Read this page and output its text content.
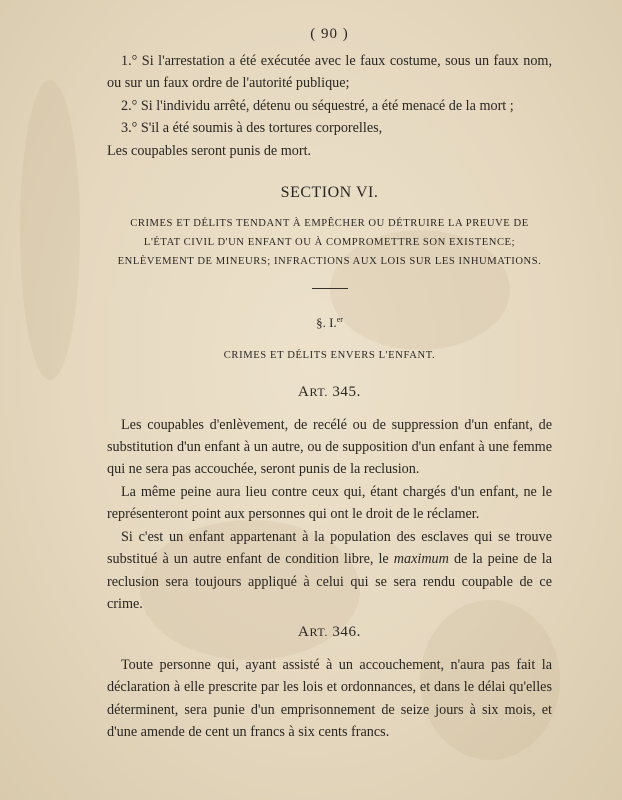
( 90 )

1.° Si l'arrestation a été exécutée avec le faux costume, sous un faux nom, ou sur un faux ordre de l'autorité publique;

2.° Si l'individu arrêté, détenu ou séquestré, a été menacé de la mort ;

3.° S'il a été soumis à des tortures corporelles,

Les coupables seront punis de mort.

SECTION VI.
CRIMES ET DÉLITS TENDANT À EMPÊCHER OU DÉTRUIRE LA PREUVE DE
L'ÉTAT CIVIL D'UN ENFANT OU À COMPROMETTRE SON EXISTENCE;
ENLÈVEMENT DE MINEURS; INFRACTIONS AUX LOIS SUR LES INHUMATIONS.
§. I.$^{er}$
CRIMES ET DÉLITS ENVERS L'ENFANT.
ART. 345.

Les coupables d'enlèvement, de recélé ou de suppression d'un enfant, de substitution d'un enfant à un autre, ou de supposition d'un enfant à une femme qui ne sera pas accouchée, seront punis de la reclusion.

La même peine aura lieu contre ceux qui, étant chargés d'un enfant, ne le représenteront point aux personnes qui ont le droit de le réclamer.

Si c'est un enfant appartenant à la population des esclaves qui se trouve substitué à un autre enfant de condition libre, le maximum de la peine de la reclusion sera toujours appliqué à celui qui se sera rendu coupable de ce crime.

ART. 346.

Toute personne qui, ayant assisté à un accouchement, n'aura pas fait la déclaration à elle prescrite par les lois et ordonnances, et dans le délai qu'elles déterminent, sera punie d'un emprisonnement de seize jours à six mois, et d'une amende de cent un francs à six cents francs.
